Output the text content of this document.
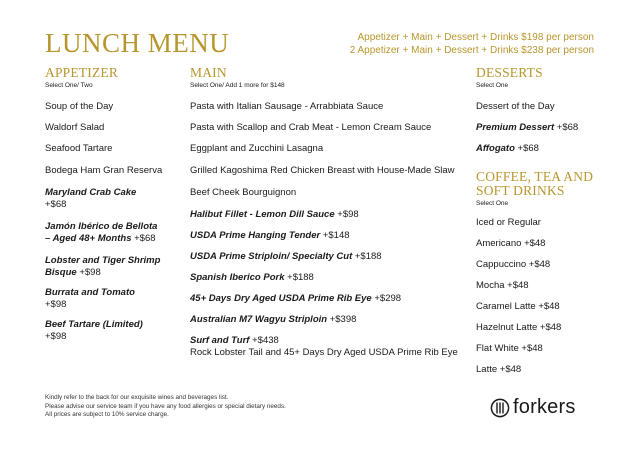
LUNCH MENU	Appetizer + Main + Dessert + Drinks $198 per person
2 Appetizer + Main + Dessert + Drinks $238 per person
APPETIZER
Select One/ Two
Soup of the Day
Waldorf Salad
Seafood Tartare
Bodega Ham Gran Reserva
Maryland Crab Cake
+$68
Jamón Ibérico de Bellota – Aged 48+ Months +$68
Lobster and Tiger Shrimp Bisque +$98
Burrata and Tomato
+$98
Beef Tartare (Limited)
+$98
MAIN
Select One/ Add 1 more for $148
Pasta with Italian Sausage - Arrabbiata Sauce
Pasta with Scallop and Crab Meat - Lemon Cream Sauce
Eggplant and Zucchini Lasagna
Grilled Kagoshima Red Chicken Breast with House-Made Slaw
Beef Cheek Bourguignon
Halibut Fillet - Lemon Dill Sauce +$98
USDA Prime Hanging Tender +$148
USDA Prime Striploin/ Specialty Cut +$188
Spanish Iberico Pork +$188
45+ Days Dry Aged USDA Prime Rib Eye +$298
Australian M7 Wagyu Striploin +$398
Surf and Turf +$438
Rock Lobster Tail and 45+ Days Dry Aged USDA Prime Rib Eye
DESSERTS
Select One
Dessert of the Day
Premium Dessert +$68
Affogato +$68
COFFEE, TEA AND SOFT DRINKS
Select One
Iced or Regular
Americano +$48
Cappuccino +$48
Mocha +$48
Caramel Latte +$48
Hazelnut Latte +$48
Flat White +$48
Latte +$48
Kindly refer to the back for our exquisite wines and beverages list.
Please advise our service team if you have any food allergies or special dietary needs.
All prices are subject to 10% service charge.	forkers
